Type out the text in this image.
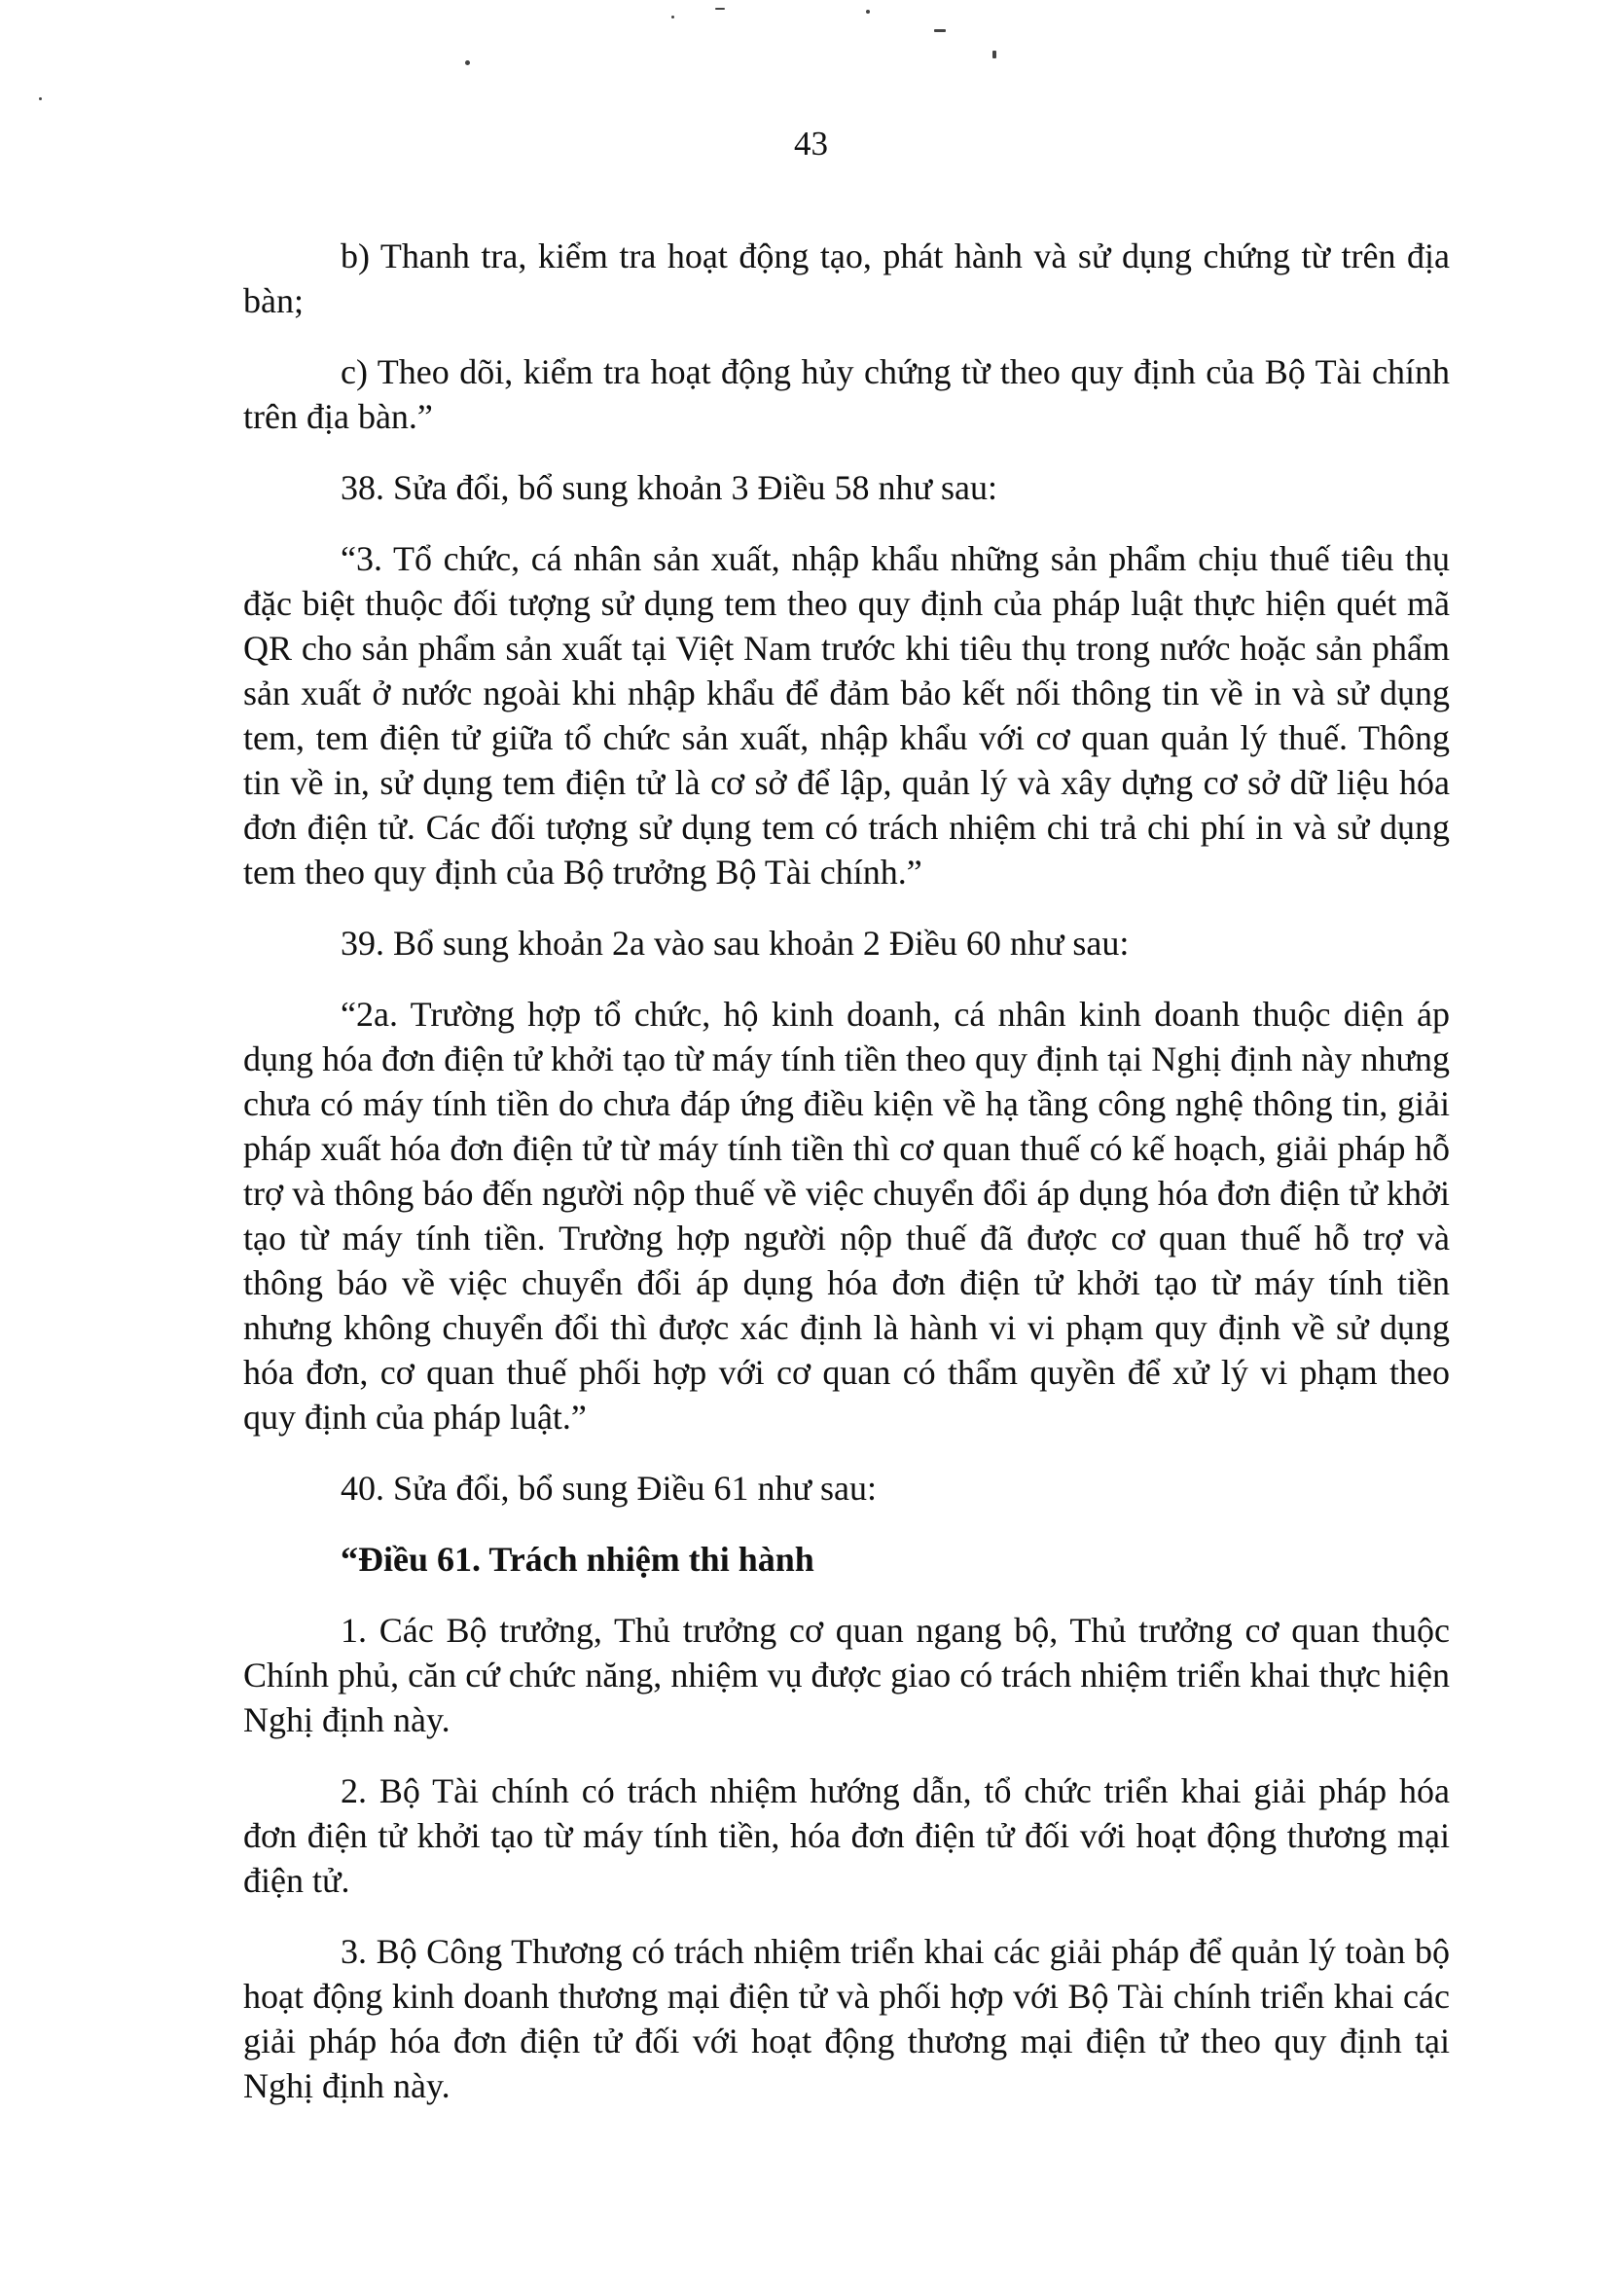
43

b) Thanh tra, kiểm tra hoạt động tạo, phát hành và sử dụng chứng từ trên địa bàn;

c) Theo dõi, kiểm tra hoạt động hủy chứng từ theo quy định của Bộ Tài chính trên địa bàn.”

38. Sửa đổi, bổ sung khoản 3 Điều 58 như sau:

“3. Tổ chức, cá nhân sản xuất, nhập khẩu những sản phẩm chịu thuế tiêu thụ đặc biệt thuộc đối tượng sử dụng tem theo quy định của pháp luật thực hiện quét mã QR cho sản phẩm sản xuất tại Việt Nam trước khi tiêu thụ trong nước hoặc sản phẩm sản xuất ở nước ngoài khi nhập khẩu để đảm bảo kết nối thông tin về in và sử dụng tem, tem điện tử giữa tổ chức sản xuất, nhập khẩu với cơ quan quản lý thuế. Thông tin về in, sử dụng tem điện tử là cơ sở để lập, quản lý và xây dựng cơ sở dữ liệu hóa đơn điện tử. Các đối tượng sử dụng tem có trách nhiệm chi trả chi phí in và sử dụng tem theo quy định của Bộ trưởng Bộ Tài chính.”

39. Bổ sung khoản 2a vào sau khoản 2 Điều 60 như sau:

“2a. Trường hợp tổ chức, hộ kinh doanh, cá nhân kinh doanh thuộc diện áp dụng hóa đơn điện tử khởi tạo từ máy tính tiền theo quy định tại Nghị định này nhưng chưa có máy tính tiền do chưa đáp ứng điều kiện về hạ tầng công nghệ thông tin, giải pháp xuất hóa đơn điện tử từ máy tính tiền thì cơ quan thuế có kế hoạch, giải pháp hỗ trợ và thông báo đến người nộp thuế về việc chuyển đổi áp dụng hóa đơn điện tử khởi tạo từ máy tính tiền. Trường hợp người nộp thuế đã được cơ quan thuế hỗ trợ và thông báo về việc chuyển đổi áp dụng hóa đơn điện tử khởi tạo từ máy tính tiền nhưng không chuyển đổi thì được xác định là hành vi vi phạm quy định về sử dụng hóa đơn, cơ quan thuế phối hợp với cơ quan có thẩm quyền để xử lý vi phạm theo quy định của pháp luật.”

40. Sửa đổi, bổ sung Điều 61 như sau:

“Điều 61. Trách nhiệm thi hành

1. Các Bộ trưởng, Thủ trưởng cơ quan ngang bộ, Thủ trưởng cơ quan thuộc Chính phủ, căn cứ chức năng, nhiệm vụ được giao có trách nhiệm triển khai thực hiện Nghị định này.

2. Bộ Tài chính có trách nhiệm hướng dẫn, tổ chức triển khai giải pháp hóa đơn điện tử khởi tạo từ máy tính tiền, hóa đơn điện tử đối với hoạt động thương mại điện tử.

3. Bộ Công Thương có trách nhiệm triển khai các giải pháp để quản lý toàn bộ hoạt động kinh doanh thương mại điện tử và phối hợp với Bộ Tài chính triển khai các giải pháp hóa đơn điện tử đối với hoạt động thương mại điện tử theo quy định tại Nghị định này.
